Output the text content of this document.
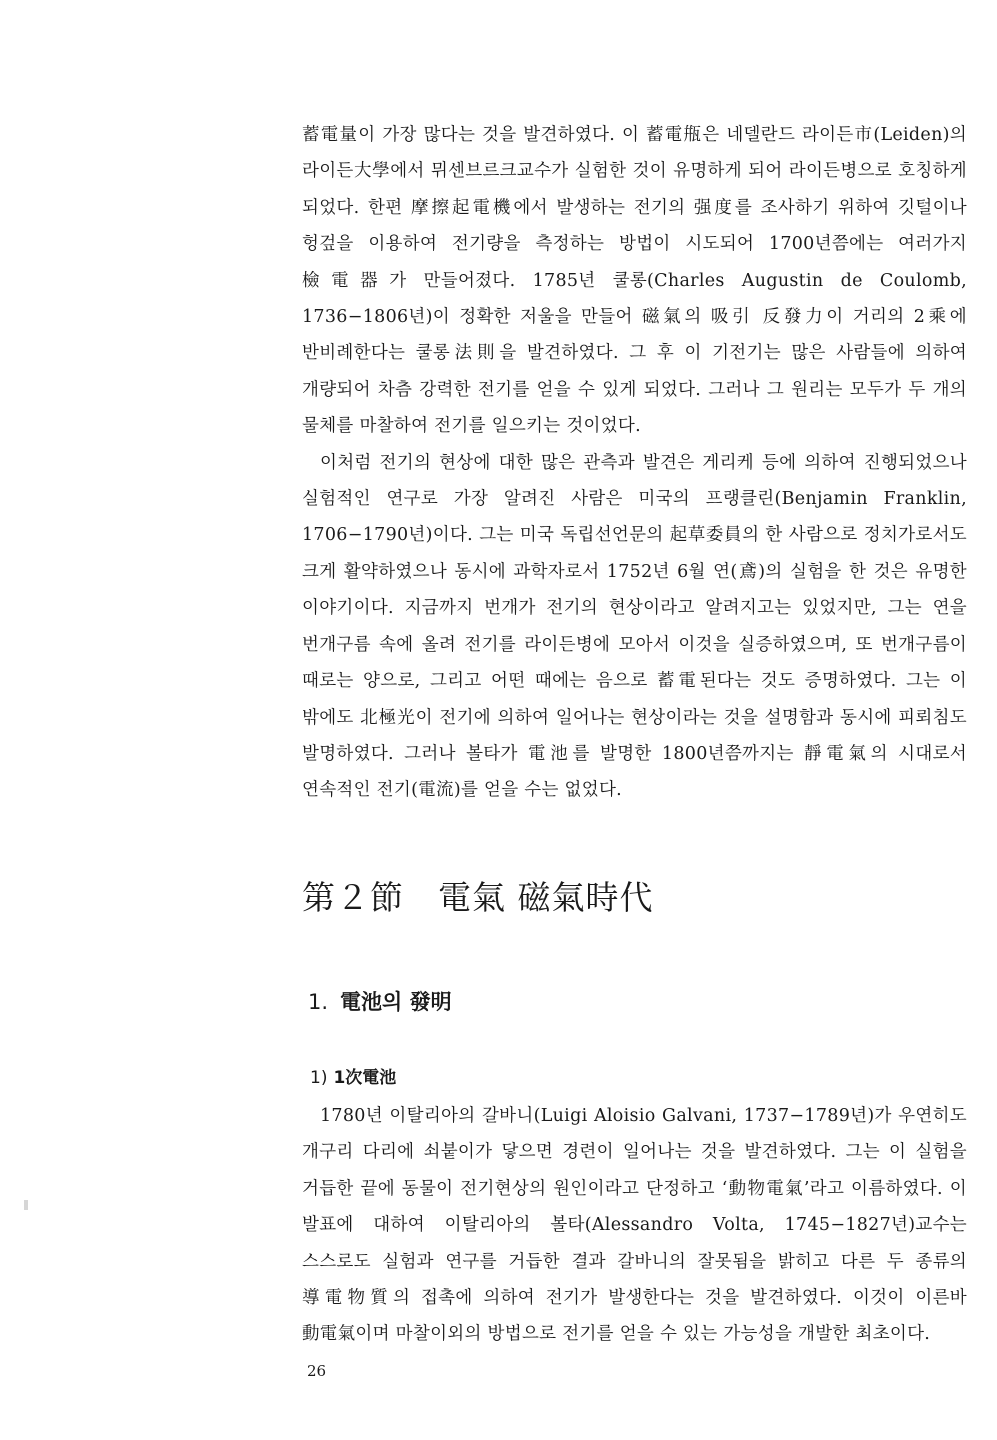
蓄電量이 가장 많다는 것을 발견하였다. 이 蓄電甁은 네델란드 라이든市(Leiden)의 라이든大學에서 뮈센브르크교수가 실험한 것이 유명하게 되어 라이든병으로 호칭하게 되었다. 한편 摩擦起電機에서 발생하는 전기의 强度를 조사하기 위하여 깃털이나 헝겊을 이용하여 전기량을 측정하는 방법이 시도되어 1700년쯤에는 여러가지 檢電器가 만들어졌다. 1785년 쿨롱(Charles Augustin de Coulomb, 1736−1806년)이 정확한 저울을 만들어 磁氣의 吸引 反發力이 거리의 2乘에 반비례한다는 쿨롱法則을 발견하였다. 그 후 이 기전기는 많은 사람들에 의하여 개량되어 차츰 강력한 전기를 얻을 수 있게 되었다. 그러나 그 원리는 모두가 두 개의 물체를 마찰하여 전기를 일으키는 것이었다.

이처럼 전기의 현상에 대한 많은 관측과 발견은 게리케 등에 의하여 진행되었으나 실험적인 연구로 가장 알려진 사람은 미국의 프랭클린(Benjamin Franklin, 1706−1790년)이다. 그는 미국 독립선언문의 起草委員의 한 사람으로 정치가로서도 크게 활약하였으나 동시에 과학자로서 1752년 6월 연(鳶)의 실험을 한 것은 유명한 이야기이다. 지금까지 번개가 전기의 현상이라고 알려지고는 있었지만, 그는 연을 번개구름 속에 올려 전기를 라이든병에 모아서 이것을 실증하였으며, 또 번개구름이 때로는 양으로, 그리고 어떤 때에는 음으로 蓄電된다는 것도 증명하였다. 그는 이 밖에도 北極光이 전기에 의하여 일어나는 현상이라는 것을 설명함과 동시에 피뢰침도 발명하였다. 그러나 볼타가 電池를 발명한 1800년쯤까지는 靜電氣의 시대로서 연속적인 전기(電流)를 얻을 수는 없었다.

第２節 電氣 磁氣時代
1. 電池의 發明
1) 1次電池

1780년 이탈리아의 갈바니(Luigi Aloisio Galvani, 1737−1789년)가 우연히도 개구리 다리에 쇠붙이가 닿으면 경련이 일어나는 것을 발견하였다. 그는 이 실험을 거듭한 끝에 동물이 전기현상의 원인이라고 단정하고 ‘動物電氣’라고 이름하였다. 이 발표에 대하여 이탈리아의 볼타(Alessandro Volta, 1745−1827년)교수는 스스로도 실험과 연구를 거듭한 결과 갈바니의 잘못됨을 밝히고 다른 두 종류의 導電物質의 접촉에 의하여 전기가 발생한다는 것을 발견하였다. 이것이 이른바 動電氣이며 마찰이외의 방법으로 전기를 얻을 수 있는 가능성을 개발한 최초이다.

26
